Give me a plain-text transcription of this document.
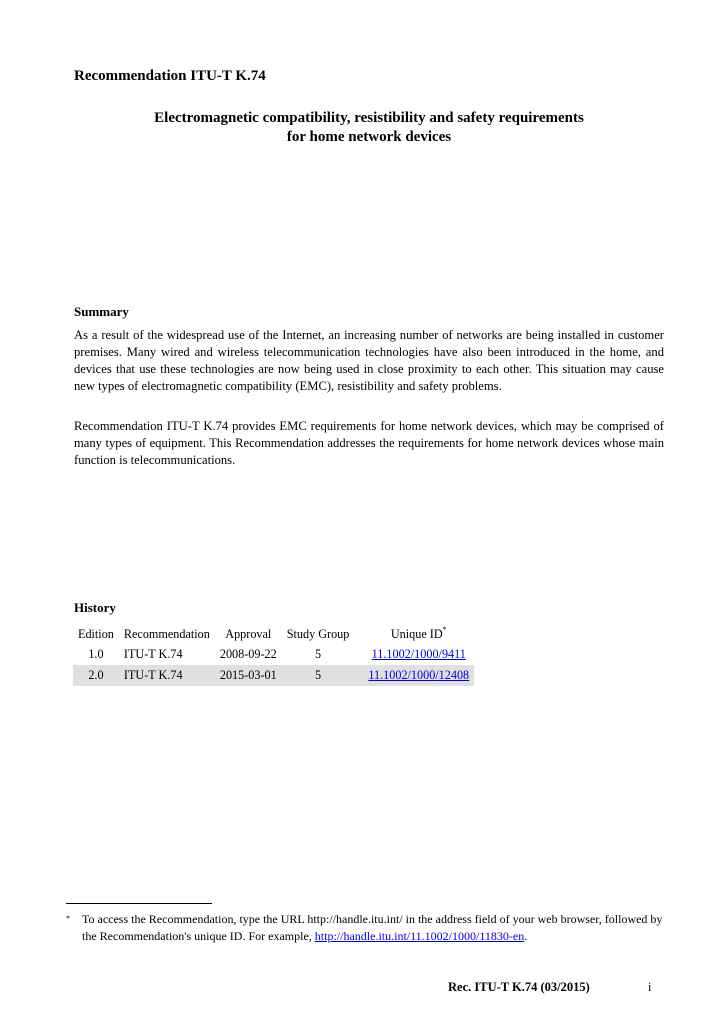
Recommendation ITU-T K.74
Electromagnetic compatibility, resistibility and safety requirements
for home network devices
Summary
As a result of the widespread use of the Internet, an increasing number of networks are being installed in customer premises. Many wired and wireless telecommunication technologies have also been introduced in the home, and devices that use these technologies are now being used in close proximity to each other. This situation may cause new types of electromagnetic compatibility (EMC), resistibility and safety problems.
Recommendation ITU-T K.74 provides EMC requirements for home network devices, which may be comprised of many types of equipment. This Recommendation addresses the requirements for home network devices whose main function is telecommunications.
History
Edition	Recommendation	Approval	Study Group	Unique ID*
1.0	ITU-T K.74	2008-09-22	5	11.1002/1000/9411
2.0	ITU-T K.74	2015-03-01	5	11.1002/1000/12408
* To access the Recommendation, type the URL http://handle.itu.int/ in the address field of your web browser, followed by the Recommendation's unique ID. For example, http://handle.itu.int/11.1002/1000/11830-en.
Rec. ITU-T K.74 (03/2015)	i
